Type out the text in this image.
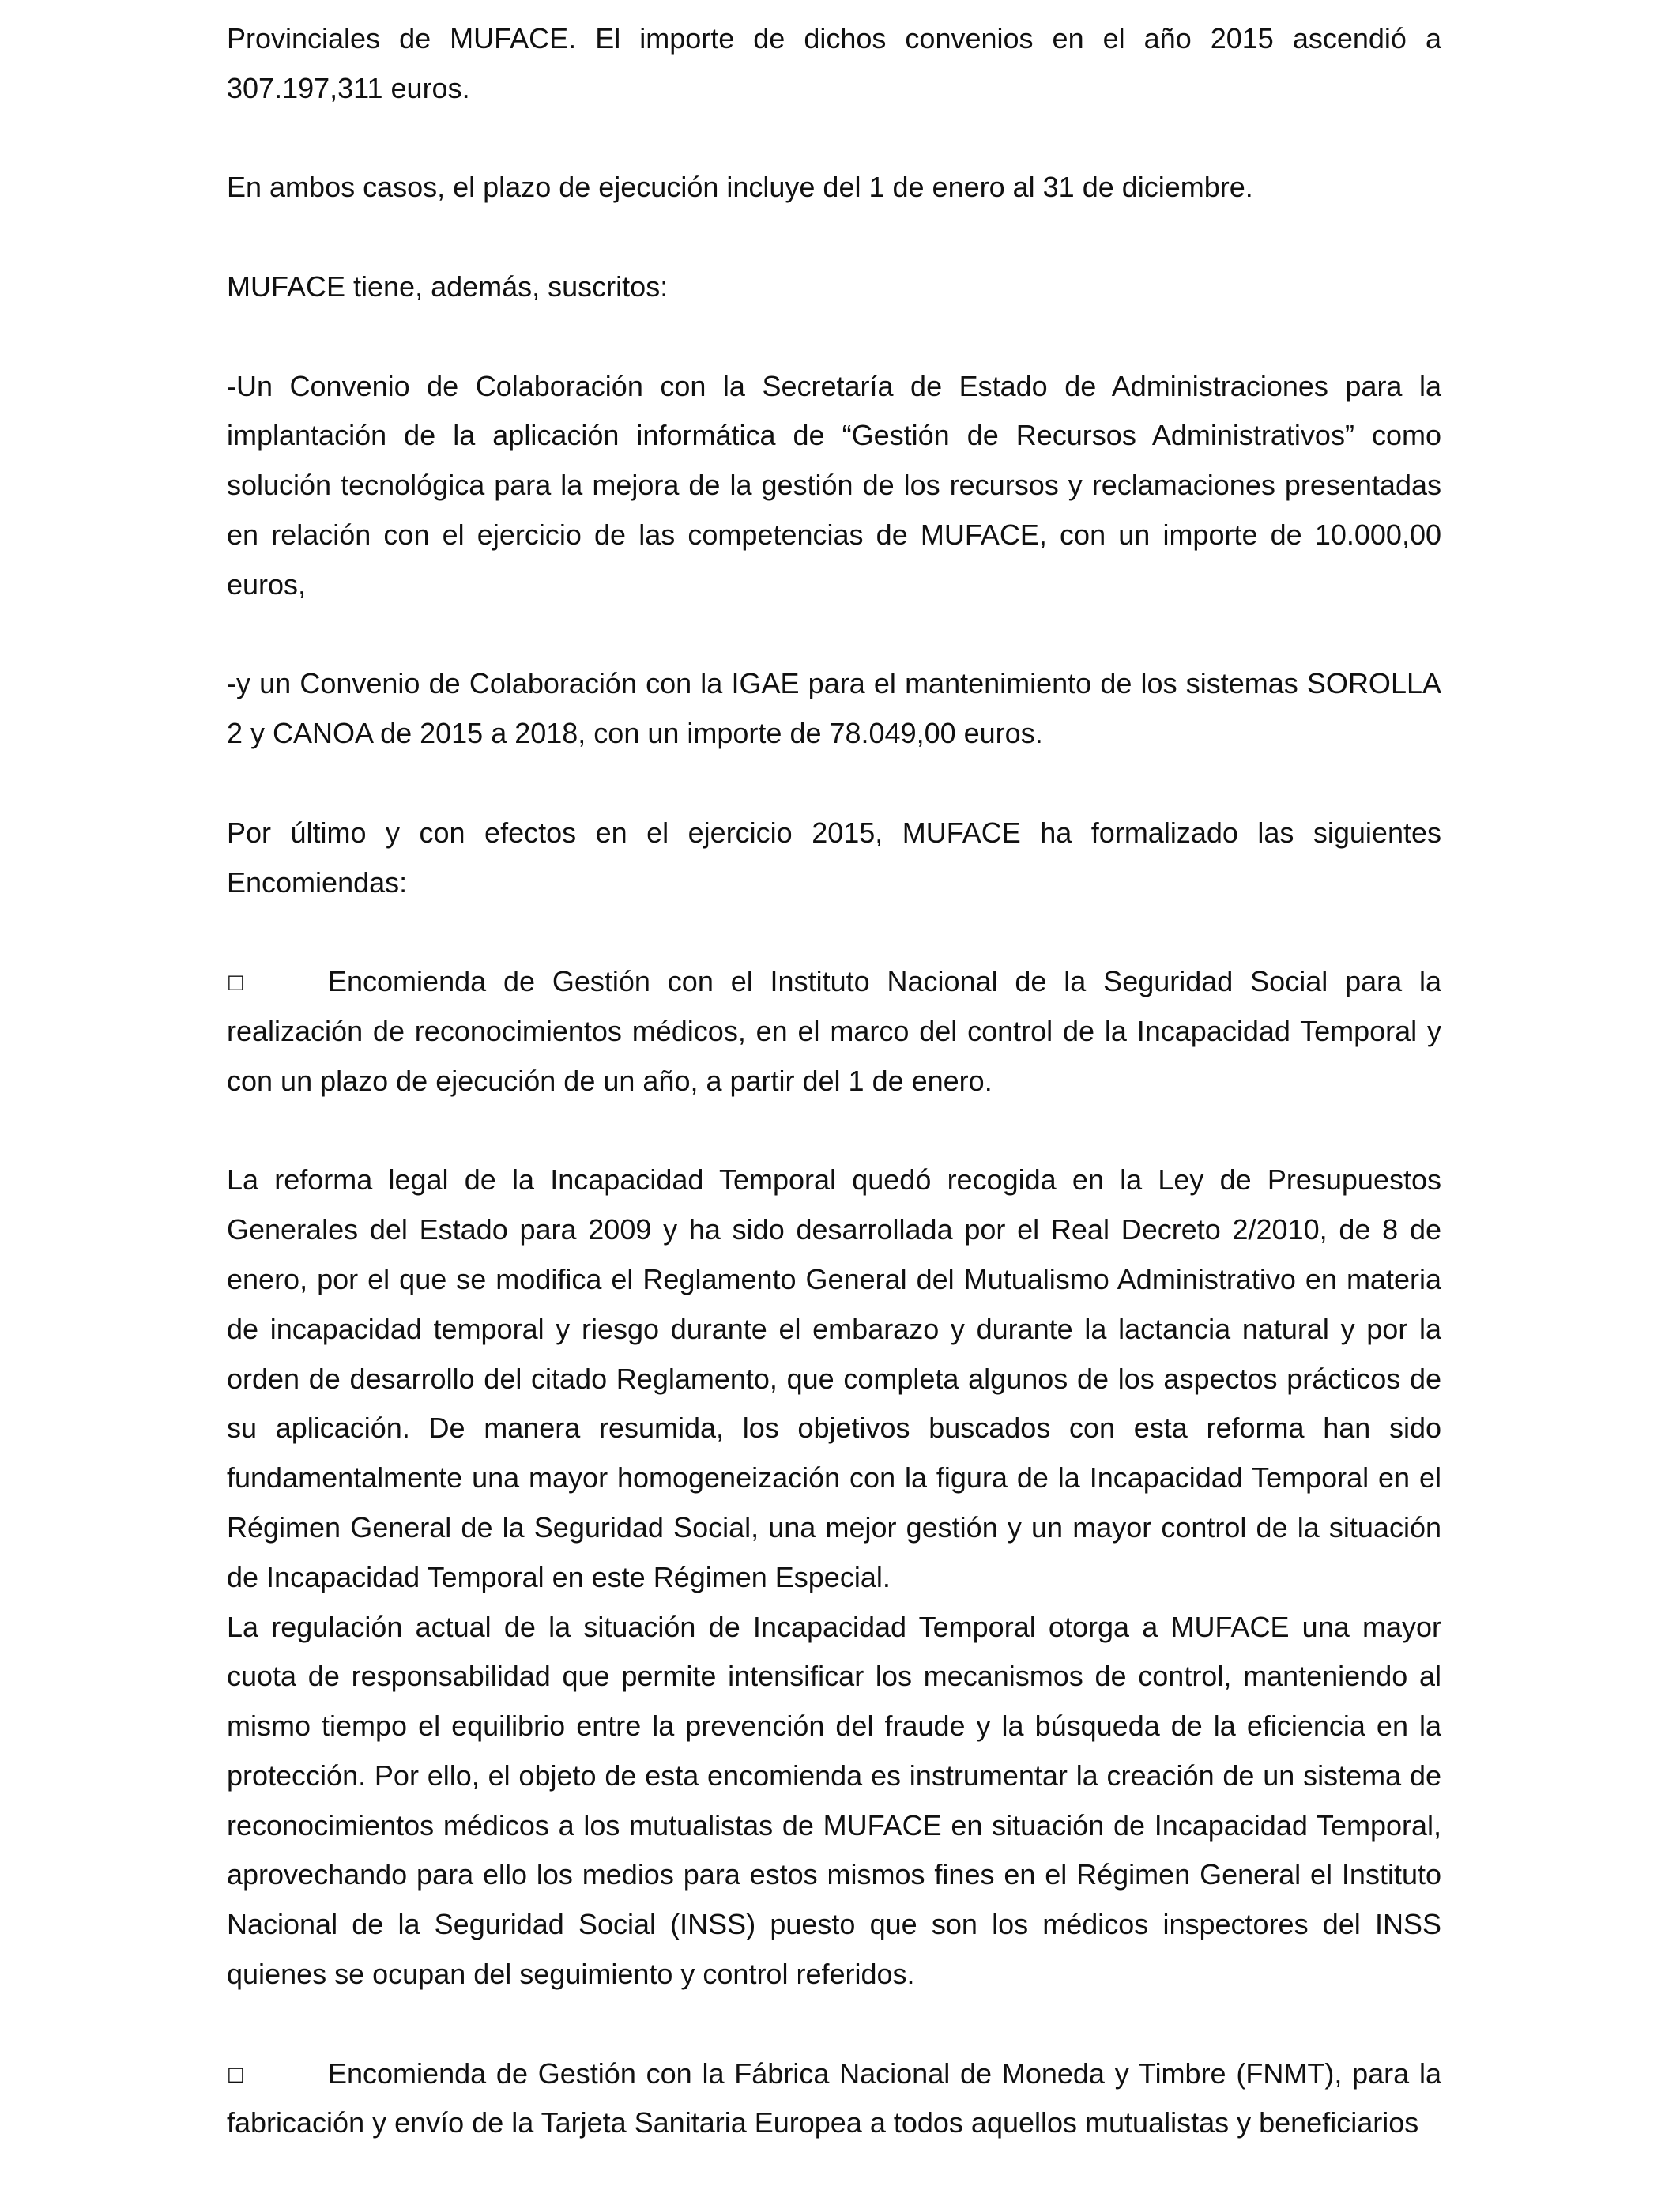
Provinciales de MUFACE. El importe de dichos convenios en el año 2015 ascendió a 307.197,311 euros.

En ambos casos, el plazo de ejecución incluye del 1 de enero al 31 de diciembre.

MUFACE tiene, además, suscritos:

-Un Convenio de Colaboración con la Secretaría de Estado de Administraciones para la implantación de la aplicación informática de “Gestión de Recursos Administrativos” como solución tecnológica para la mejora de la gestión de los recursos y reclamaciones presentadas en relación con el ejercicio de las competencias de MUFACE, con un importe de 10.000,00 euros,

-y un Convenio de Colaboración con la IGAE para el mantenimiento de los sistemas SOROLLA 2 y CANOA de 2015 a 2018, con un importe de 78.049,00 euros.

Por último y con efectos en el ejercicio 2015, MUFACE ha formalizado las siguientes Encomiendas:

□	Encomienda de Gestión con el Instituto Nacional de la Seguridad Social para la realización de reconocimientos médicos, en el marco del control de la Incapacidad Temporal y con un plazo de ejecución de un año, a partir del 1 de enero.

La reforma legal de la Incapacidad Temporal quedó recogida en la Ley de Presupuestos Generales del Estado para 2009 y ha sido desarrollada por el Real Decreto 2/2010, de 8 de enero, por el que se modifica el Reglamento General del Mutualismo Administrativo en materia de incapacidad temporal y riesgo durante el embarazo y durante la lactancia natural y por la orden de desarrollo del citado Reglamento, que completa algunos de los aspectos prácticos de su aplicación. De manera resumida, los objetivos buscados con esta reforma han sido fundamentalmente una mayor homogeneización con la figura de la Incapacidad Temporal en el Régimen General de la Seguridad Social, una mejor gestión y un mayor control de la situación de Incapacidad Temporal en este Régimen Especial.

La regulación actual de la situación de Incapacidad Temporal otorga a MUFACE una mayor cuota de responsabilidad que permite intensificar los mecanismos de control, manteniendo al mismo tiempo el equilibrio entre la prevención del fraude y la búsqueda de la eficiencia en la protección. Por ello, el objeto de esta encomienda es instrumentar la creación de un sistema de reconocimientos médicos a los mutualistas de MUFACE en situación de Incapacidad Temporal, aprovechando para ello los medios para estos mismos fines en el Régimen General el Instituto Nacional de la Seguridad Social (INSS) puesto que son los médicos inspectores del INSS quienes se ocupan del seguimiento y control referidos.

□	Encomienda de Gestión con la Fábrica Nacional de Moneda y Timbre (FNMT), para la fabricación y envío de la Tarjeta Sanitaria Europea a todos aquellos mutualistas y beneficiarios
